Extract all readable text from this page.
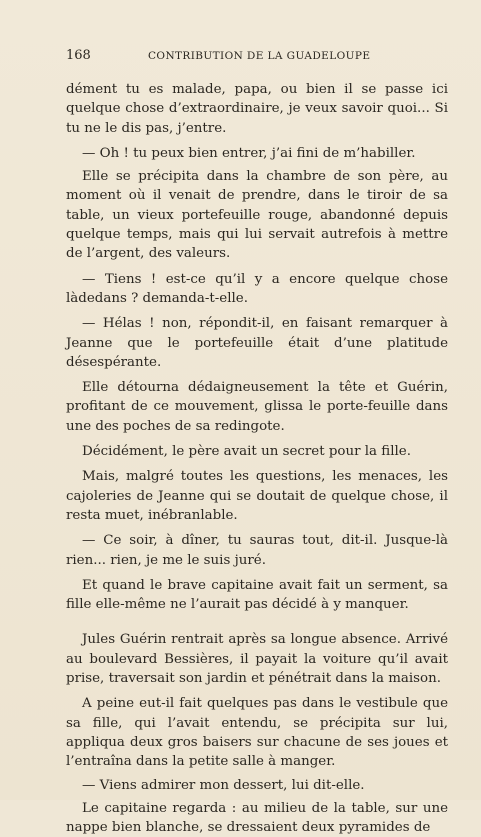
168	CONTRIBUTION DE LA GUADELOUPE

dément tu es malade, papa, ou bien il se passe ici quelque chose d’extraordinaire, je veux savoir quoi... Si tu ne le dis pas, j’entre.

— Oh ! tu peux bien entrer, j’ai fini de m’habiller.

Elle se précipita dans la chambre de son père, au moment où il venait de prendre, dans le tiroir de sa table, un vieux portefeuille rouge, abandonné depuis quelque temps, mais qui lui servait autrefois à mettre de l’argent, des valeurs.

— Tiens ! est-ce qu’il y a encore quelque chose làdedans ? demanda-t-elle.

— Hélas ! non, répondit-il, en faisant remarquer à Jeanne que le portefeuille était d’une platitude désespérante.

Elle détourna dédaigneusement la tête et Guérin, profitant de ce mouvement, glissa le porte-feuille dans une des poches de sa redingote.

Décidément, le père avait un secret pour la fille.

Mais, malgré toutes les questions, les menaces, les cajoleries de Jeanne qui se doutait de quelque chose, il resta muet, inébranlable.

— Ce soir, à dîner, tu sauras tout, dit-il. Jusque-là rien... rien, je me le suis juré.

Et quand le brave capitaine avait fait un serment, sa fille elle-même ne l’aurait pas décidé à y manquer.

Jules Guérin rentrait après sa longue absence. Arrivé au boulevard Bessières, il payait la voiture qu’il avait prise, traversait son jardin et pénétrait dans la maison.

A peine eut-il fait quelques pas dans le vestibule que sa fille, qui l’avait entendu, se précipita sur lui, appliqua deux gros baisers sur chacune de ses joues et l’entraîna dans la petite salle à manger.

— Viens admirer mon dessert, lui dit-elle.

Le capitaine regarda : au milieu de la table, sur une nappe bien blanche, se dressaient deux pyramides de
